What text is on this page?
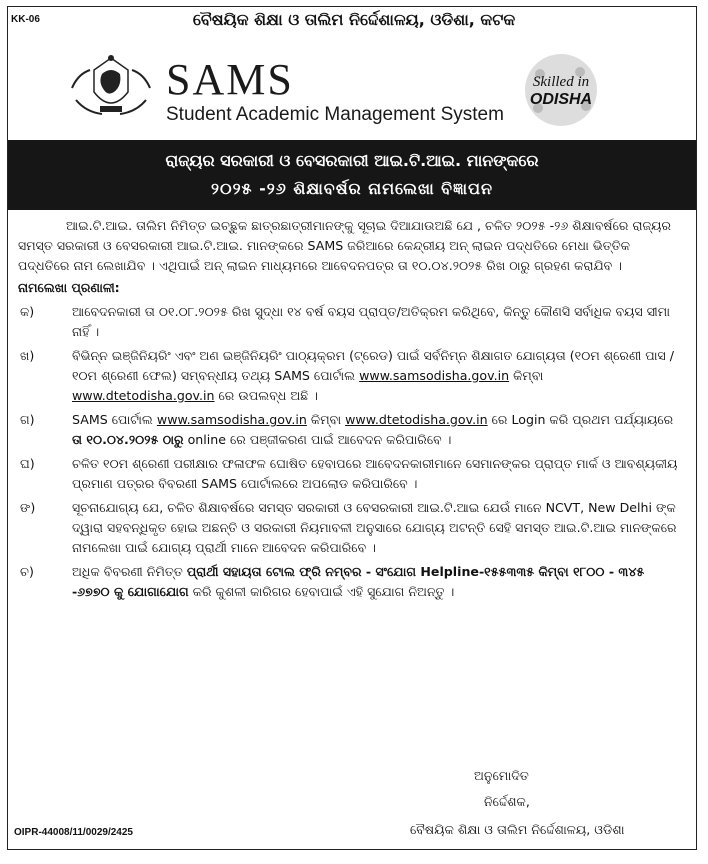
KK-06	ବୈଷୟିକ ଶିକ୍ଷା ଓ ତାଲିମ ନିର୍ଦ୍ଦେଶାଳୟ, ଓଡିଶା, କଟକ
SAMS
Student Academic Management System
Skilled in
ODISHA
ରାଜ୍ୟର ସରକାରୀ ଓ ବେସରକାରୀ ଆଇ.ଟି.ଆଇ. ମାନଙ୍କରେ
୨୦୨୫ -୨୬ ଶିକ୍ଷାବର୍ଷର ନାମଲେଖା ବିଜ୍ଞାପନ

ଆଇ.ଟି.ଆଇ. ତାଲିମ ନିମିତ୍ତ ଇଚ୍ଛୁକ ଛାତ୍ରଛାତ୍ରୀମାନଙ୍କୁ ସୂଚାଇ ଦିଆଯାଉଅଛି ଯେ , ଚଳିତ ୨୦୨୫ -୨୬ ଶିକ୍ଷାବର୍ଷରେ ରାଜ୍ୟର ସମସ୍ତ ସରକାରୀ ଓ ବେସରକାରୀ ଆଇ.ଟି.ଆଇ. ମାନଙ୍କରେ SAMS ଜରିଆରେ କେନ୍ଦ୍ରୀୟ ଅନ୍ ଲାଇନ ପଦ୍ଧତିରେ ମେଧା ଭିତ୍ତିକ ପଦ୍ଧତିରେ ନାମ ଲେଖାଯିବ । ଏଥିପାଇଁ ଅନ୍ ଲାଇନ ମାଧ୍ୟମରେ ଆବେଦନପତ୍ର ତା ୧୦.୦୪.୨୦୨୫ ରିଖ ଠାରୁ ଗ୍ରହଣ କରାଯିବ ।

ନାମଲେଖା ପ୍ରଣାଳୀ:

କ)	ଆବେଦନକାରୀ ତା ୦୧.୦୮.୨୦୨୫ ରିଖ ସୁଦ୍ଧା ୧୪ ବର୍ଷ ବୟସ ପ୍ରାପ୍ତ/ଅତିକ୍ରମ କରିଥିବେ, କିନ୍ତୁ କୌଣସି ସର୍ବାଧିକ ବୟସ ସୀମା ନାହିଁ ।
ଖ)	ବିଭିନ୍ନ ଇଞ୍ଜିନିୟରିଂ ଏବଂ ଅଣ ଇଞ୍ଜିନିୟରିଂ ପାଠ୍ୟକ୍ରମ (ଟ୍ରେଡ) ପାଇଁ ସର୍ବନିମ୍ନ ଶିକ୍ଷାଗତ ଯୋଗ୍ୟତା (୧୦ମ ଶ୍ରେଣୀ ପାସ / ୧୦ମ ଶ୍ରେଣୀ ଫେଲ) ସମ୍ବନ୍ଧୀୟ ତଥ୍ୟ SAMS ପୋର୍ଟାଲ www.samsodisha.gov.in କିମ୍ବା www.dtetodisha.gov.in ରେ ଉପଲବ୍ଧ ଅଛି ।
ଗ)	SAMS ପୋର୍ଟାଲ www.samsodisha.gov.in କିମ୍ବା www.dtetodisha.gov.in ରେ Login କରି ପ୍ରଥମ ପର୍ଯ୍ୟାୟରେ ତା ୧୦.୦୪.୨୦୨୫ ଠାରୁ online ରେ ପଞ୍ଜୀକରଣ ପାଇଁ ଆବେଦନ କରିପାରିବେ ।
ଘ)	ଚଳିତ ୧୦ମ ଶ୍ରେଣୀ ପରୀକ୍ଷାର ଫଳାଫଳ ଘୋଷିତ ହେବାପରେ ଆବେଦନକାରୀମାନେ ସେମାନଙ୍କର ପ୍ରାପ୍ତ ମାର୍କ ଓ ଆବଶ୍ୟକୀୟ ପ୍ରମାଣ ପତ୍ରର ବିବରଣୀ SAMS ପୋର୍ଟାଲରେ ଅପଲୋଡ କରିପାରିବେ ।
ଙ)	ସୂଚନାଯୋଗ୍ୟ ଯେ, ଚଳିତ ଶିକ୍ଷାବର୍ଷରେ ସମସ୍ତ ସରକାରୀ ଓ ବେସରକାରୀ ଆଇ.ଟି.ଆଇ ଯେଉଁ ମାନେ NCVT, New Delhi ଙ୍କ ଦ୍ୱାରା ସହବନ୍ଧିକୃତ ହୋଇ ଅଛନ୍ତି ଓ ସରକାରୀ ନିୟମାବଳୀ ଅନୁସାରେ ଯୋଗ୍ୟ ଅଟନ୍ତି ସେହି ସମସ୍ତ ଆଇ.ଟି.ଆଇ ମାନଙ୍କରେ ନାମଲେଖା ପାଇଁ ଯୋଗ୍ୟ ପ୍ରାର୍ଥୀ ମାନେ ଆବେଦନ କରିପାରିବେ ।
ଚ)	ଅଧିକ ବିବରଣୀ ନିମିତ୍ତ ପ୍ରାର୍ଥୀ ସହାୟତା ଟୋଲ ଫ୍ରି ନମ୍ବର - ସଂଯୋଗ Helpline-୧୫୫୩୩୫ କିମ୍ବା ୧୮୦୦ - ୩୪୫ -୬୭୭୦ କୁ ଯୋଗାଯୋଗ କରି କୁଶଳୀ କାରିଗର ହେବାପାଇଁ ଏହି ସୁଯୋଗ ନିଅନ୍ତୁ ।
ଅନୁମୋଦିତ
ନିର୍ଦ୍ଦେଶକ,
ବୈଷୟିକ ଶିକ୍ଷା ଓ ତାଲିମ ନିର୍ଦ୍ଦେଶାଳୟ, ଓଡିଶା
OIPR-44008/11/0029/2425
